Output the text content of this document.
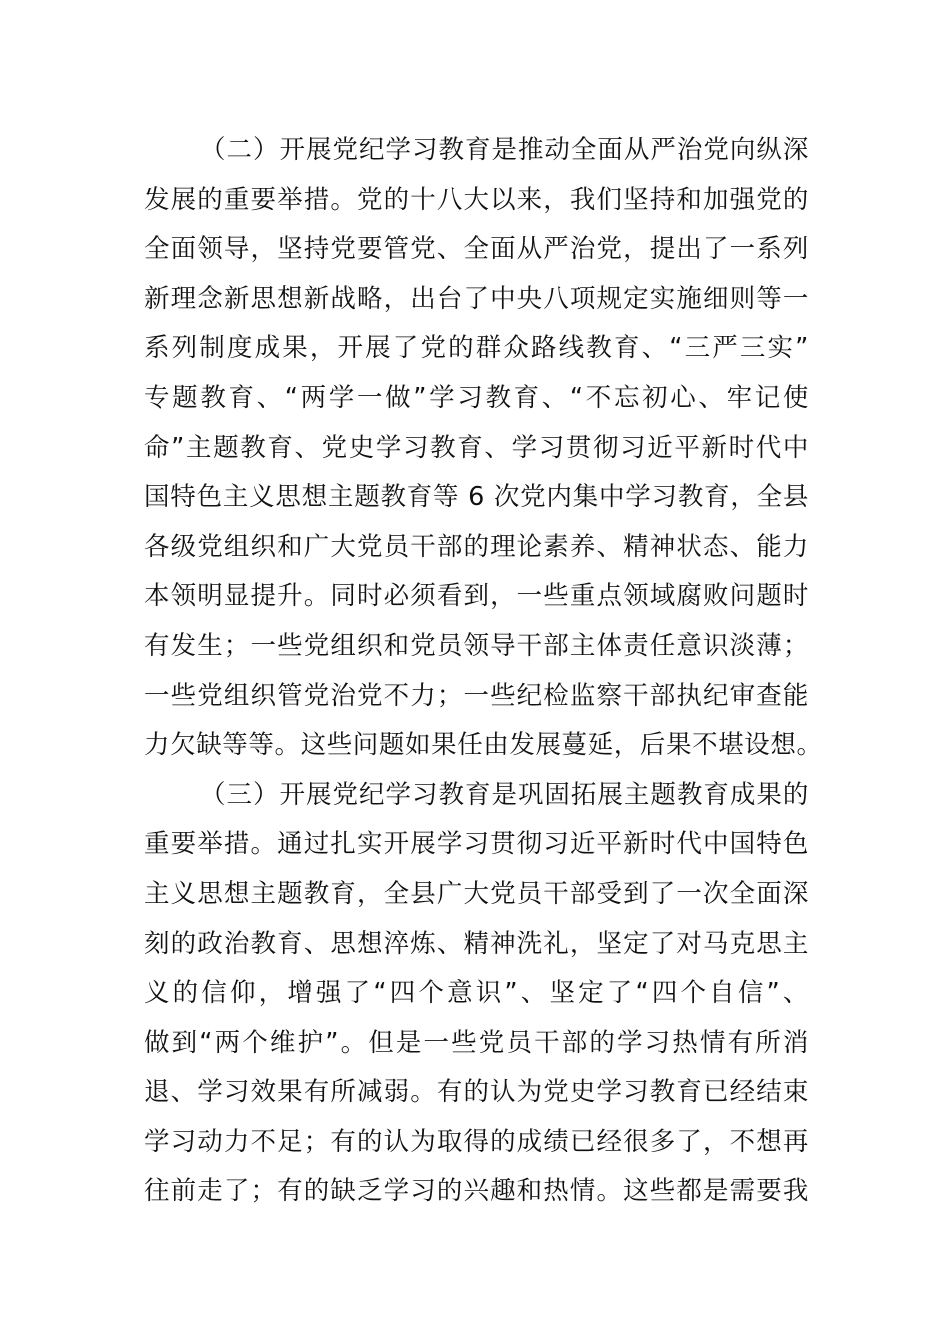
（二）开展党纪学习教育是推动全面从严治党向纵深
发展的重要举措。党的十八大以来，我们坚持和加强党的
全面领导，坚持党要管党、全面从严治党，提出了一系列
新理念新思想新战略，出台了中央八项规定实施细则等一
系列制度成果，开展了党的群众路线教育、“三严三实”
专题教育、“两学一做”学习教育、“不忘初心、牢记使
命”主题教育、党史学习教育、学习贯彻习近平新时代中
国特色主义思想主题教育等 6 次党内集中学习教育，全县
各级党组织和广大党员干部的理论素养、精神状态、能力
本领明显提升。同时必须看到，一些重点领域腐败问题时
有发生；一些党组织和党员领导干部主体责任意识淡薄；
一些党组织管党治党不力；一些纪检监察干部执纪审查能
力欠缺等等。这些问题如果任由发展蔓延，后果不堪设想。
（三）开展党纪学习教育是巩固拓展主题教育成果的
重要举措。通过扎实开展学习贯彻习近平新时代中国特色
主义思想主题教育，全县广大党员干部受到了一次全面深
刻的政治教育、思想淬炼、精神洗礼，坚定了对马克思主
义的信仰，增强了“四个意识”、坚定了“四个自信”、
做到“两个维护”。但是一些党员干部的学习热情有所消
退、学习效果有所减弱。有的认为党史学习教育已经结束
学习动力不足；有的认为取得的成绩已经很多了，不想再
往前走了；有的缺乏学习的兴趣和热情。这些都是需要我
